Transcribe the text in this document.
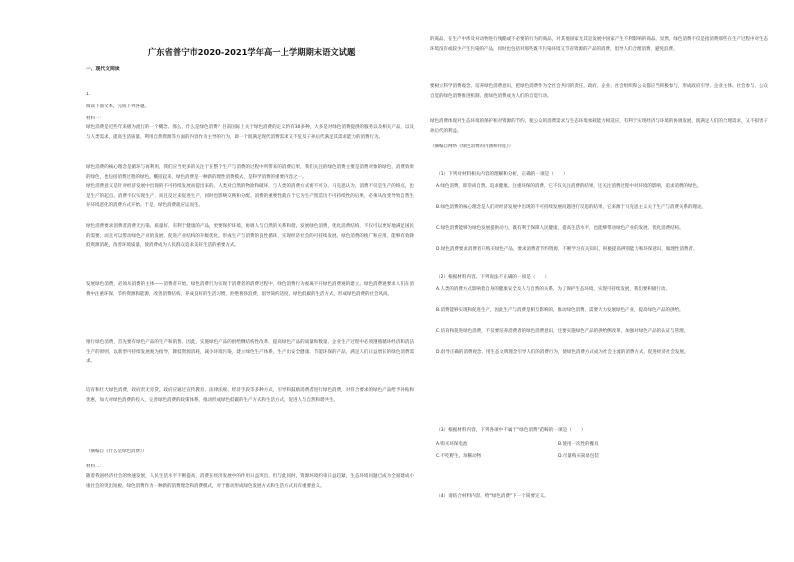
广东省普宁市2020-2021学年高一上学期期末语文试题
一、现代文阅读
1.
阅读下面文本，完成下列各题。
材料一：
绿色消费是近些年来极为流行的一个概念。那么，什么是绿色消费？目前国际上关于绿色消费的定义约有30多种，大多是对绿色消费提供的服务以及相关产品，以及与人类需求、提高生活质量、利用自然资源等方面的内容作为主导的行为，即一个既满足现代消费需求又不危及子孙后代满足其需求能力的消费行为。
绿色消费的核心理念是循环与再利用，我们应当更多的关注于在整个生产与消费的过程中所带来的消费后果，我们关注的绿色消费主要是消费对象的绿色、消费效果的绿色，也包括消费过程的绿色。概括起来，绿色消费是一种新的理性消费模式，是科学消费的重要内容之一。
绿色消费意义是针对经济发展中出现的不可持续发展而提出来的。人类对自然的物欲和破坏，与人类的消费方式密不可分。马克思认为，消费不仅是生产的终点，也是生产的起点。消费不仅实现生产，而且反过来促进生产，同时也影响交换和分配。消费的重要性就在于它为生产创造出不可持续性的后果，必须从改变导致自然生存环境恶化的消费方式开始。于是，绿色消费就应运而生。
绿色消费要求消费者消费无污染、质量好、有利于健康的产品，更要保护环境、协调人与自然的关系和谐。发展绿色消费，优化消费结构，不仅可以更好地满足国民的需要，而且可以带动绿色产业的发展，促进产业结构的升级优化。形成生产与消费的良性循环，实现经济社会的可持续发展。绿色消费的推广和应用，能够有效降低资源消耗，改善环境质量，使消费成为人民群众追求美好生活的重要方式。
发展绿色消费，必须从消费的主体——消费者开始。绿色消费行为实现于消费者的消费过程中，绿色消费行为观离不开绿色消费观的建立。绿色消费观要求人们在消费中注重环保，节约资源和能源，改善消费结构，养成良好的生活习惯，拒绝奢侈浪费，倡导简约适度、绿色低碳的生活方式，形成绿色消费的社会风尚。
推行绿色消费，首先要有绿色产品的生产和销售。因此，实施绿色产品的供给侧结构性改革，提高绿色产品的质量和数量，企业生产过程中必须遵循循环经济和清洁生产的原则，以新型可持续发展观为指导，降低资源消耗，减少环境污染，建立绿色生产体系，生产出安全健康、节能环保的产品，满足人们日益增长的绿色消费需求。
培育和壮大绿色消费，政府责无旁贷。政府应通过宣传教育、法律法规、经济手段等多种方式，引导和鼓励消费者进行绿色消费，对符合要求的绿色产品给予补贴和优惠，加大对绿色消费的投入，完善绿色消费的政策体系，推动形成绿色低碳的生产方式和生活方式，促进人与自然和谐共生。
（摘编自《什么是绿色消费》）
材料二：
随着我国经济社会的快速发展，人民生活水平不断提高，消费在经济发展中的作用日益突出。但与此同时，资源环境约束日益趋紧，生态环境问题已成为全面建成小康社会的突出短板。绿色消费作为一种新的消费理念和消费模式，对于推动形成绿色发展方式和生活方式具有重要意义。
的商品，在生产中涉及对动物进行残酷或不必要的行为的商品，对其他国家尤其是发展中国家产生不利影响的商品。显然，绿色消费不仅是指消费那些在生产过程中对生态环境没有或较少产生污染的产品，同时也包括对那些既不污染环境又节省资源的产品的消费，倡导人们合理消费，避免浪费。
要树立科学消费观念，培养绿色消费意识，把绿色消费作为全社会共同的责任。政府、企业、社会组织和公众都应当积极参与，形成政府引导、企业主体、社会参与、公众自觉的绿色消费推进机制，使绿色消费成为人们的自觉行动。
绿色消费体现对生态环境的保护和对资源的节约。使公众的消费需求与生态环境承载能力相适应，有利于实现经济与环境的协调发展，既满足人们的合理需求，又不损害子孙后代的利益。
（摘编自网络《绿色消费的内涵和特征》）
（1）下列对材料相关内容的理解和分析，正确的一项是（　　）
A.绿色消费，即崇尚自然、追求健康，注重环保的消费，它不仅关注消费的结果，还关注消费过程中对环境的影响，追求消费的绿色。
B.绿色消费的核心理念是人们对经济发展中出现的不可持续发展问题进行反思的结果，它来源于马克思主义关于生产与消费关系的理论。
C.绿色消费能够为绿色发展提供动力，既有利于保障人民健康，提高生活水平，也能够带动绿色产业的发展，优化消费结构。
D.绿色消费要求消费者只购买绿色产品，要求消费者节约资源，不断学习有关知识，积极提高辨别能力和环保意识，做理性消费者。
（2）根据材料内容，下列说法不正确的一项是（　　）
A.人类的消费方式影响着自身的健康安全及人与自然的关系，为了保护生态环境，实现可持续发展，我们要积极行动。
B.消费能够实现和促进生产，因此生产与消费是相互影响的，推动绿色消费，需要大力发展绿色产业，提高绿色产品的供给。
C.培育和促进绿色消费，不仅要培养消费者的绿色消费意识，还要实施绿色产品的供给侧改革，加强对绿色产品的认证与管理。
D.倡导正确的消费观念，用生态文明理念引导人们的消费行为，使绿色消费方式成为社会主流的消费方式，促进经济社会发展。
（3）根据材料内容，下列各项中不属于"绿色消费"范畴的一项是（　　）
A.购买环保电池	B.使用一次性的餐具
C.不吃野生、珍稀动物	D.尽量购买简易包装
（4）请结合材料内容，给"绿色消费"下一个简要定义。
